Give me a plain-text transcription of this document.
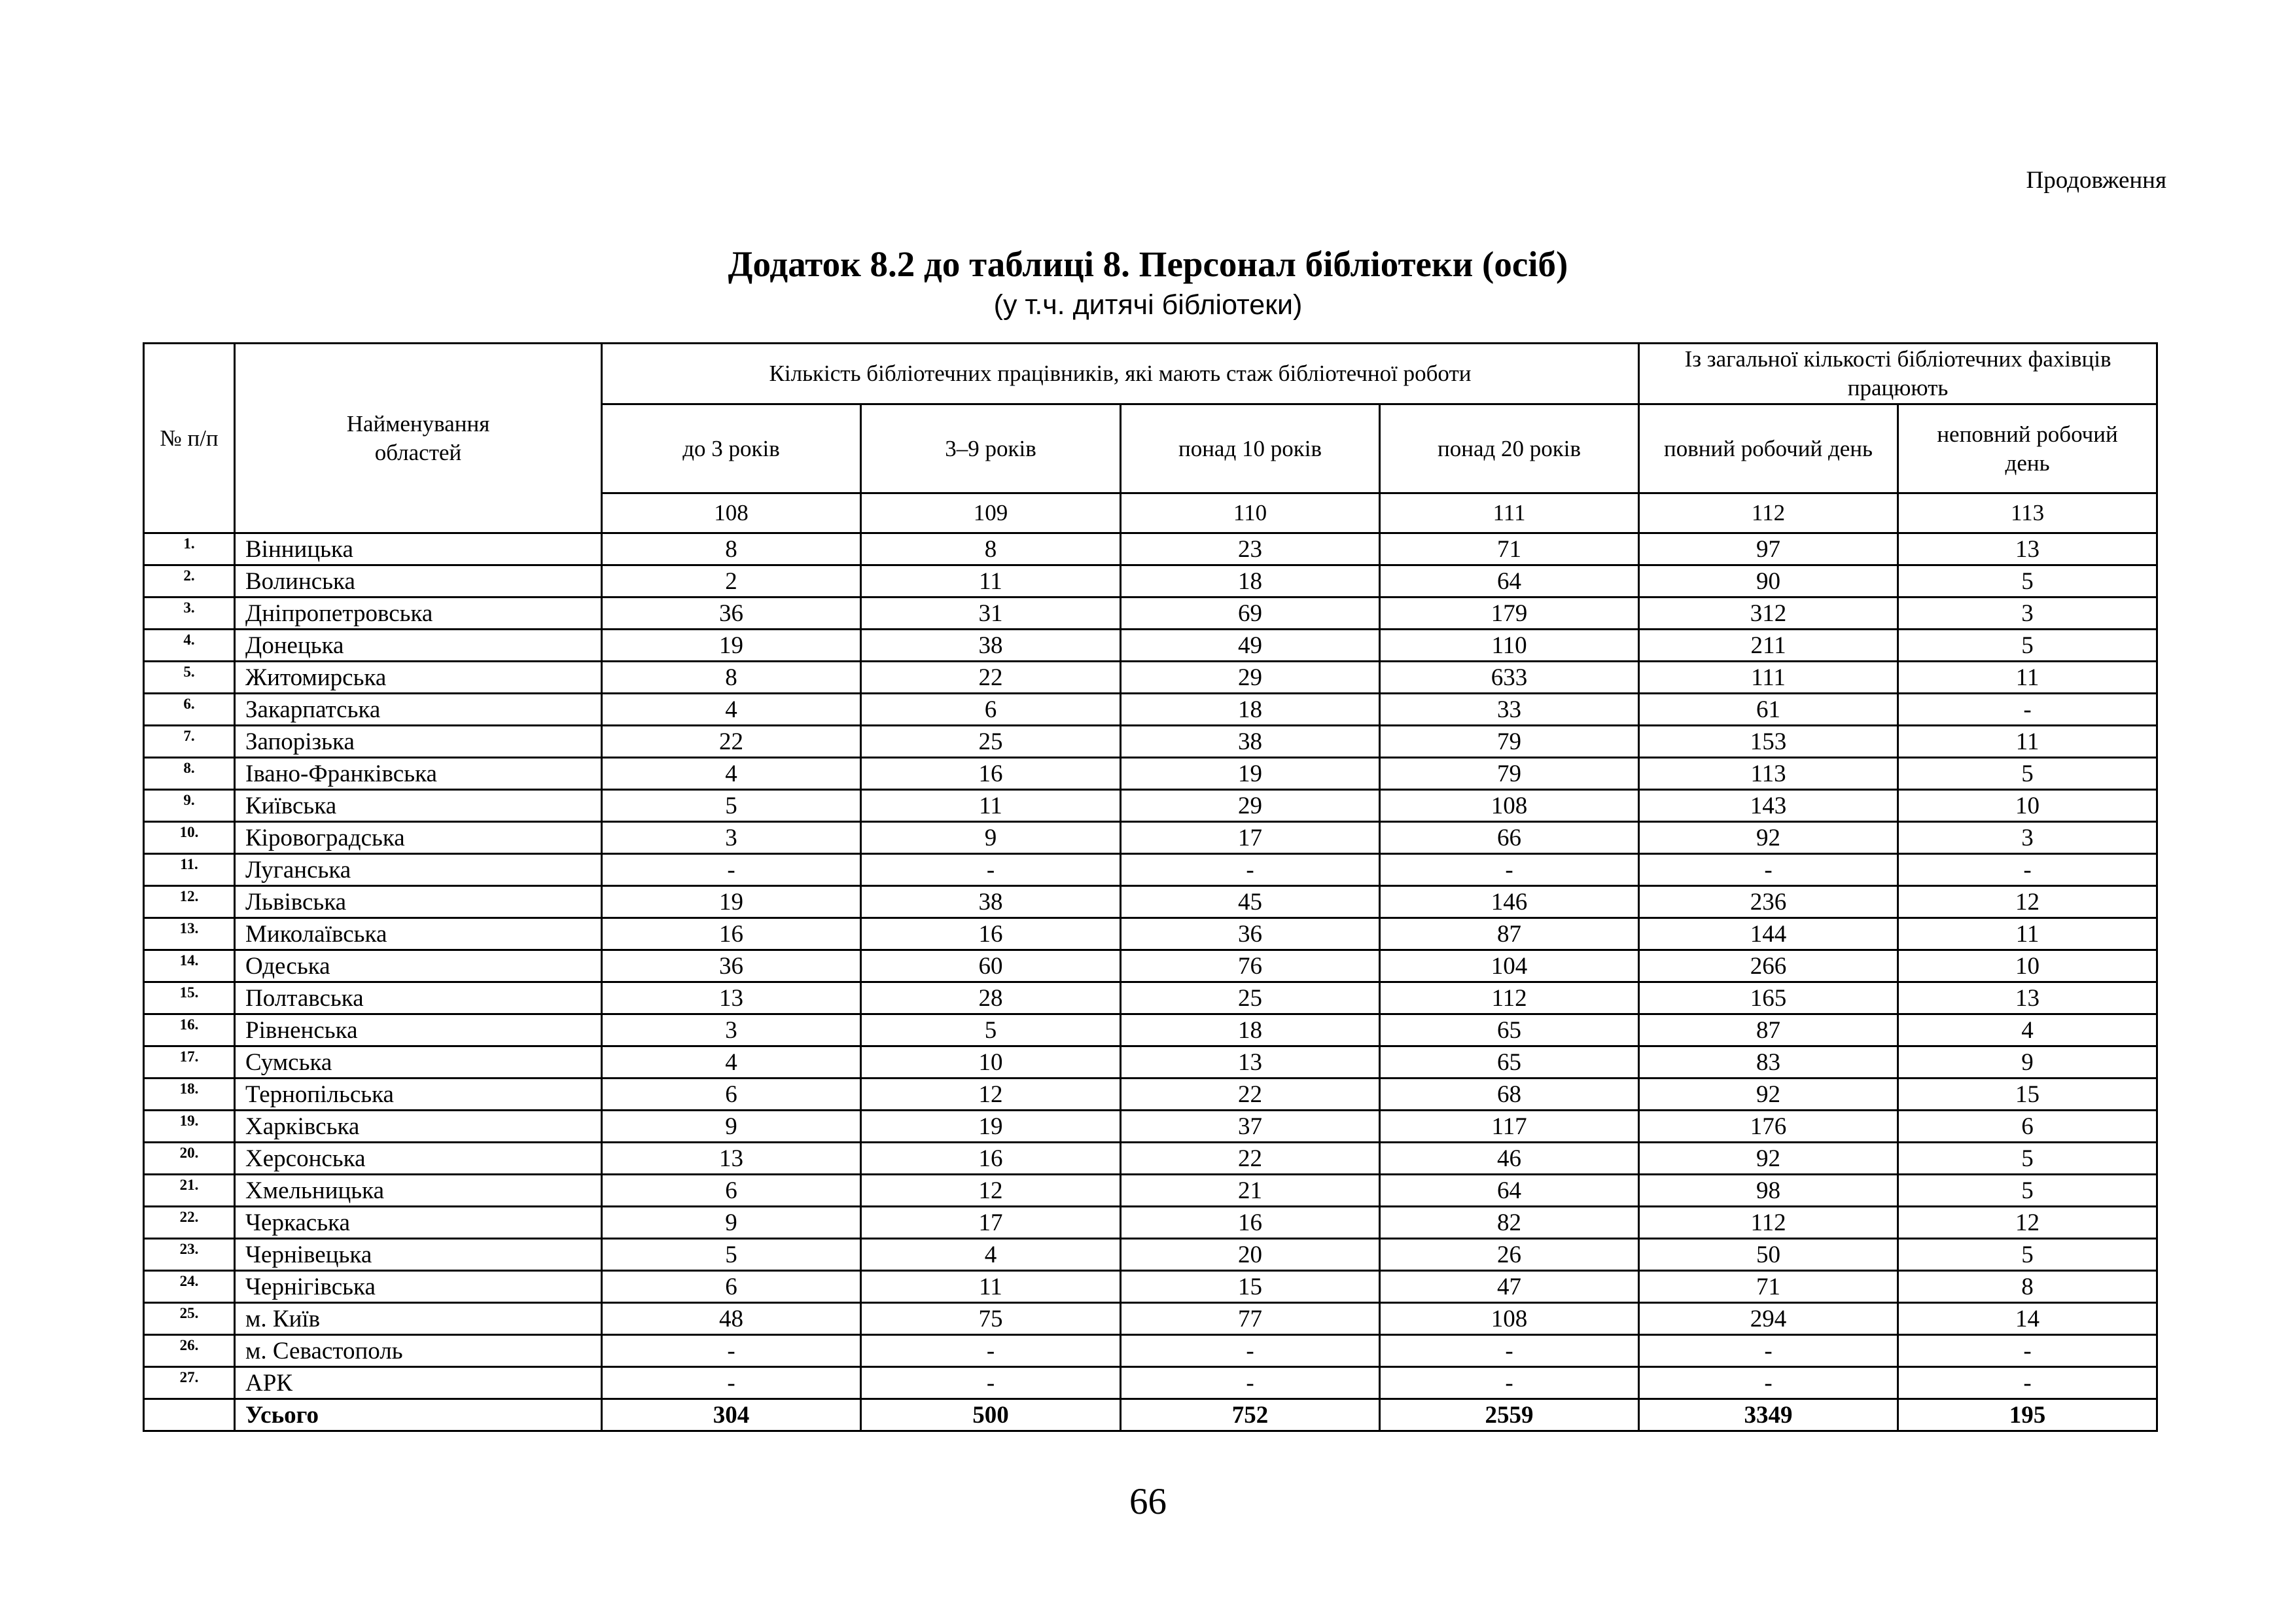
Продовження

Додаток 8.2 до таблиці 8. Персонал бібліотеки (осіб)

(у т.ч. дитячі бібліотеки)

№ п/п	Найменування областей	Кількість бібліотечних працівників, які мають стаж бібліотечної роботи				Із загальної кількості бібліотечних фахівців працюють	
		до 3 років	3–9 років	понад 10 років	понад 20 років	повний робочий день	неповний робочий день
		108	109	110	111	112	113
1.	Вінницька	8	8	23	71	97	13
2.	Волинська	2	11	18	64	90	5
3.	Дніпропетровська	36	31	69	179	312	3
4.	Донецька	19	38	49	110	211	5
5.	Житомирська	8	22	29	633	111	11
6.	Закарпатська	4	6	18	33	61	-
7.	Запорізька	22	25	38	79	153	11
8.	Івано-Франківська	4	16	19	79	113	5
9.	Київська	5	11	29	108	143	10
10.	Кіровоградська	3	9	17	66	92	3
11.	Луганська	-	-	-	-	-	-
12.	Львівська	19	38	45	146	236	12
13.	Миколаївська	16	16	36	87	144	11
14.	Одеська	36	60	76	104	266	10
15.	Полтавська	13	28	25	112	165	13
16.	Рівненська	3	5	18	65	87	4
17.	Сумська	4	10	13	65	83	9
18.	Тернопільська	6	12	22	68	92	15
19.	Харківська	9	19	37	117	176	6
20.	Херсонська	13	16	22	46	92	5
21.	Хмельницька	6	12	21	64	98	5
22.	Черкаська	9	17	16	82	112	12
23.	Чернівецька	5	4	20	26	50	5
24.	Чернігівська	6	11	15	47	71	8
25.	м. Київ	48	75	77	108	294	14
26.	м. Севастополь	-	-	-	-	-	-
27.	АРК	-	-	-	-	-	-
	Усього	304	500	752	2559	3349	195

66
